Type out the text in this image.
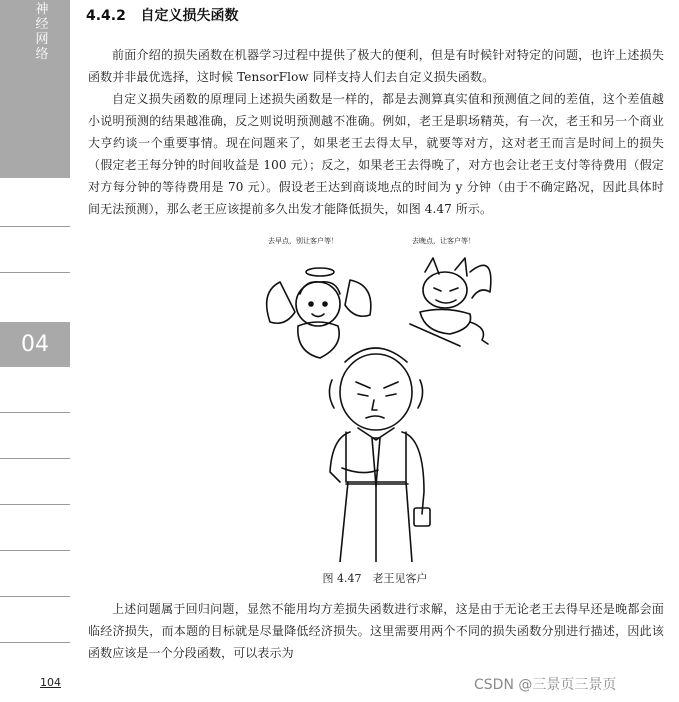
神经网络
04
4.4.2 自定义损失函数

前面介绍的损失函数在机器学习过程中提供了极大的便利，但是有时候针对特定的问题，也许上述损失函数并非最优选择，这时候 TensorFlow 同样支持人们去自定义损失函数。

自定义损失函数的原理同上述损失函数是一样的，都是去测算真实值和预测值之间的差值，这个差值越小说明预测的结果越准确，反之则说明预测越不准确。例如，老王是职场精英，有一次，老王和另一个商业大亨约谈一个重要事情。现在问题来了，如果老王去得太早，就要等对方，这对老王而言是时间上的损失（假定老王每分钟的时间收益是 100 元）；反之，如果老王去得晚了，对方也会让老王支付等待费用（假定对方每分钟的等待费用是 70 元）。假设老王达到商谈地点的时间为 y 分钟（由于不确定路况，因此具体时间无法预测），那么老王应该提前多久出发才能降低损失，如图 4.47 所示。

去早点，别让客户等！	去晚点，让客户等！
图 4.47　老王见客户

上述问题属于回归问题，显然不能用均方差损失函数进行求解，这是由于无论老王去得早还是晚都会面临经济损失，而本题的目标就是尽量降低经济损失。这里需要用两个不同的损失函数分别进行描述，因此该函数应该是一个分段函数，可以表示为

104	CSDN @三景页三景页
